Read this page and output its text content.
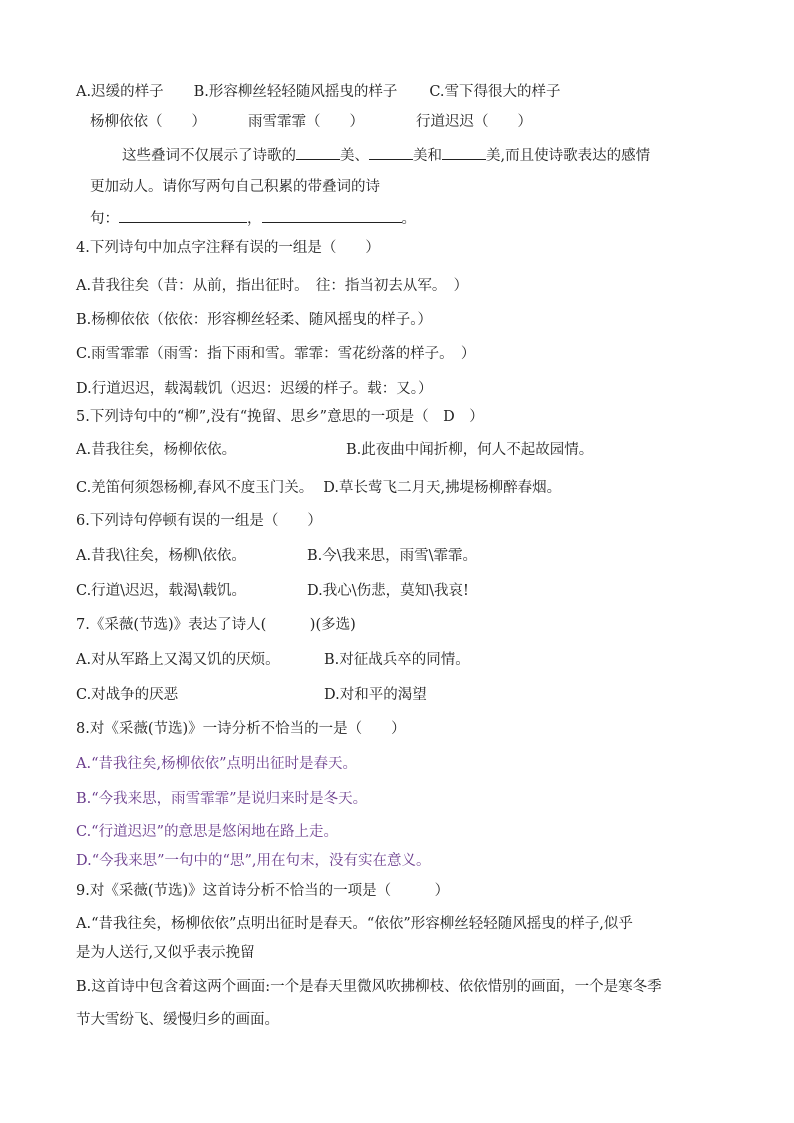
A.迟缓的样子 B.形容柳丝轻轻随风摇曳的样子 C.雪下得很大的样子
杨柳依依（　　）	雨雪霏霏（　　）	行道迟迟（　　）
这些叠词不仅展示了诗歌的	美、	美和	美,而且使诗歌表达的感情
更加动人。请你写两句自己积累的带叠词的诗
句：	，	。
4.下列诗句中加点字注释有误的一组是（　　）
A.昔我往矣（昔：从前，指出征时。　往：指当初去从军。　）
B.杨柳依依（依依：形容柳丝轻柔、随风摇曳的样子。）
C.雨雪霏霏（雨雪：指下雨和雪。霏霏：雪花纷落的样子。　）
D.行道迟迟，载渴载饥（迟迟：迟缓的样子。载：又。）
5.下列诗句中的“柳”,没有“挽留、思乡”意思的一项是（　D　）
A.昔我往矣，杨柳依依。	B.此夜曲中闻折柳，何人不起故园情。
C.羌笛何须怨杨柳,春风不度玉门关。 D.草长莺飞二月天,拂堤杨柳醉春烟。
6.下列诗句停顿有误的一组是（　　）
A.昔我\往矣，杨柳\依依。	B.今\我来思，雨雪\霏霏。
C.行道\迟迟，载渴\载饥。	D.我心\伤悲，莫知\我哀!
7.《采薇(节选)》表达了诗人(　　　)(多选)
A.对从军路上又渴又饥的厌烦。	B.对征战兵卒的同情。
C.对战争的厌恶	D.对和平的渴望
8.对《采薇(节选)》一诗分析不恰当的一是（　　）
A.“昔我往矣,杨柳依依”点明出征时是春天。
B.“今我来思，雨雪霏霏”是说归来时是冬天。
C.“行道迟迟”的意思是悠闲地在路上走。
D.“今我来思”一句中的“思”,用在句末，没有实在意义。
9.对《采薇(节选)》这首诗分析不恰当的一项是（　　　）
A.“昔我往矣，杨柳依依”点明出征时是春天。“依依”形容柳丝轻轻随风摇曳的样子,似乎
是为人送行,又似乎表示挽留
B.这首诗中包含着这两个画面:一个是春天里微风吹拂柳枝、依依惜别的画面，一个是寒冬季
节大雪纷飞、缓慢归乡的画面。
